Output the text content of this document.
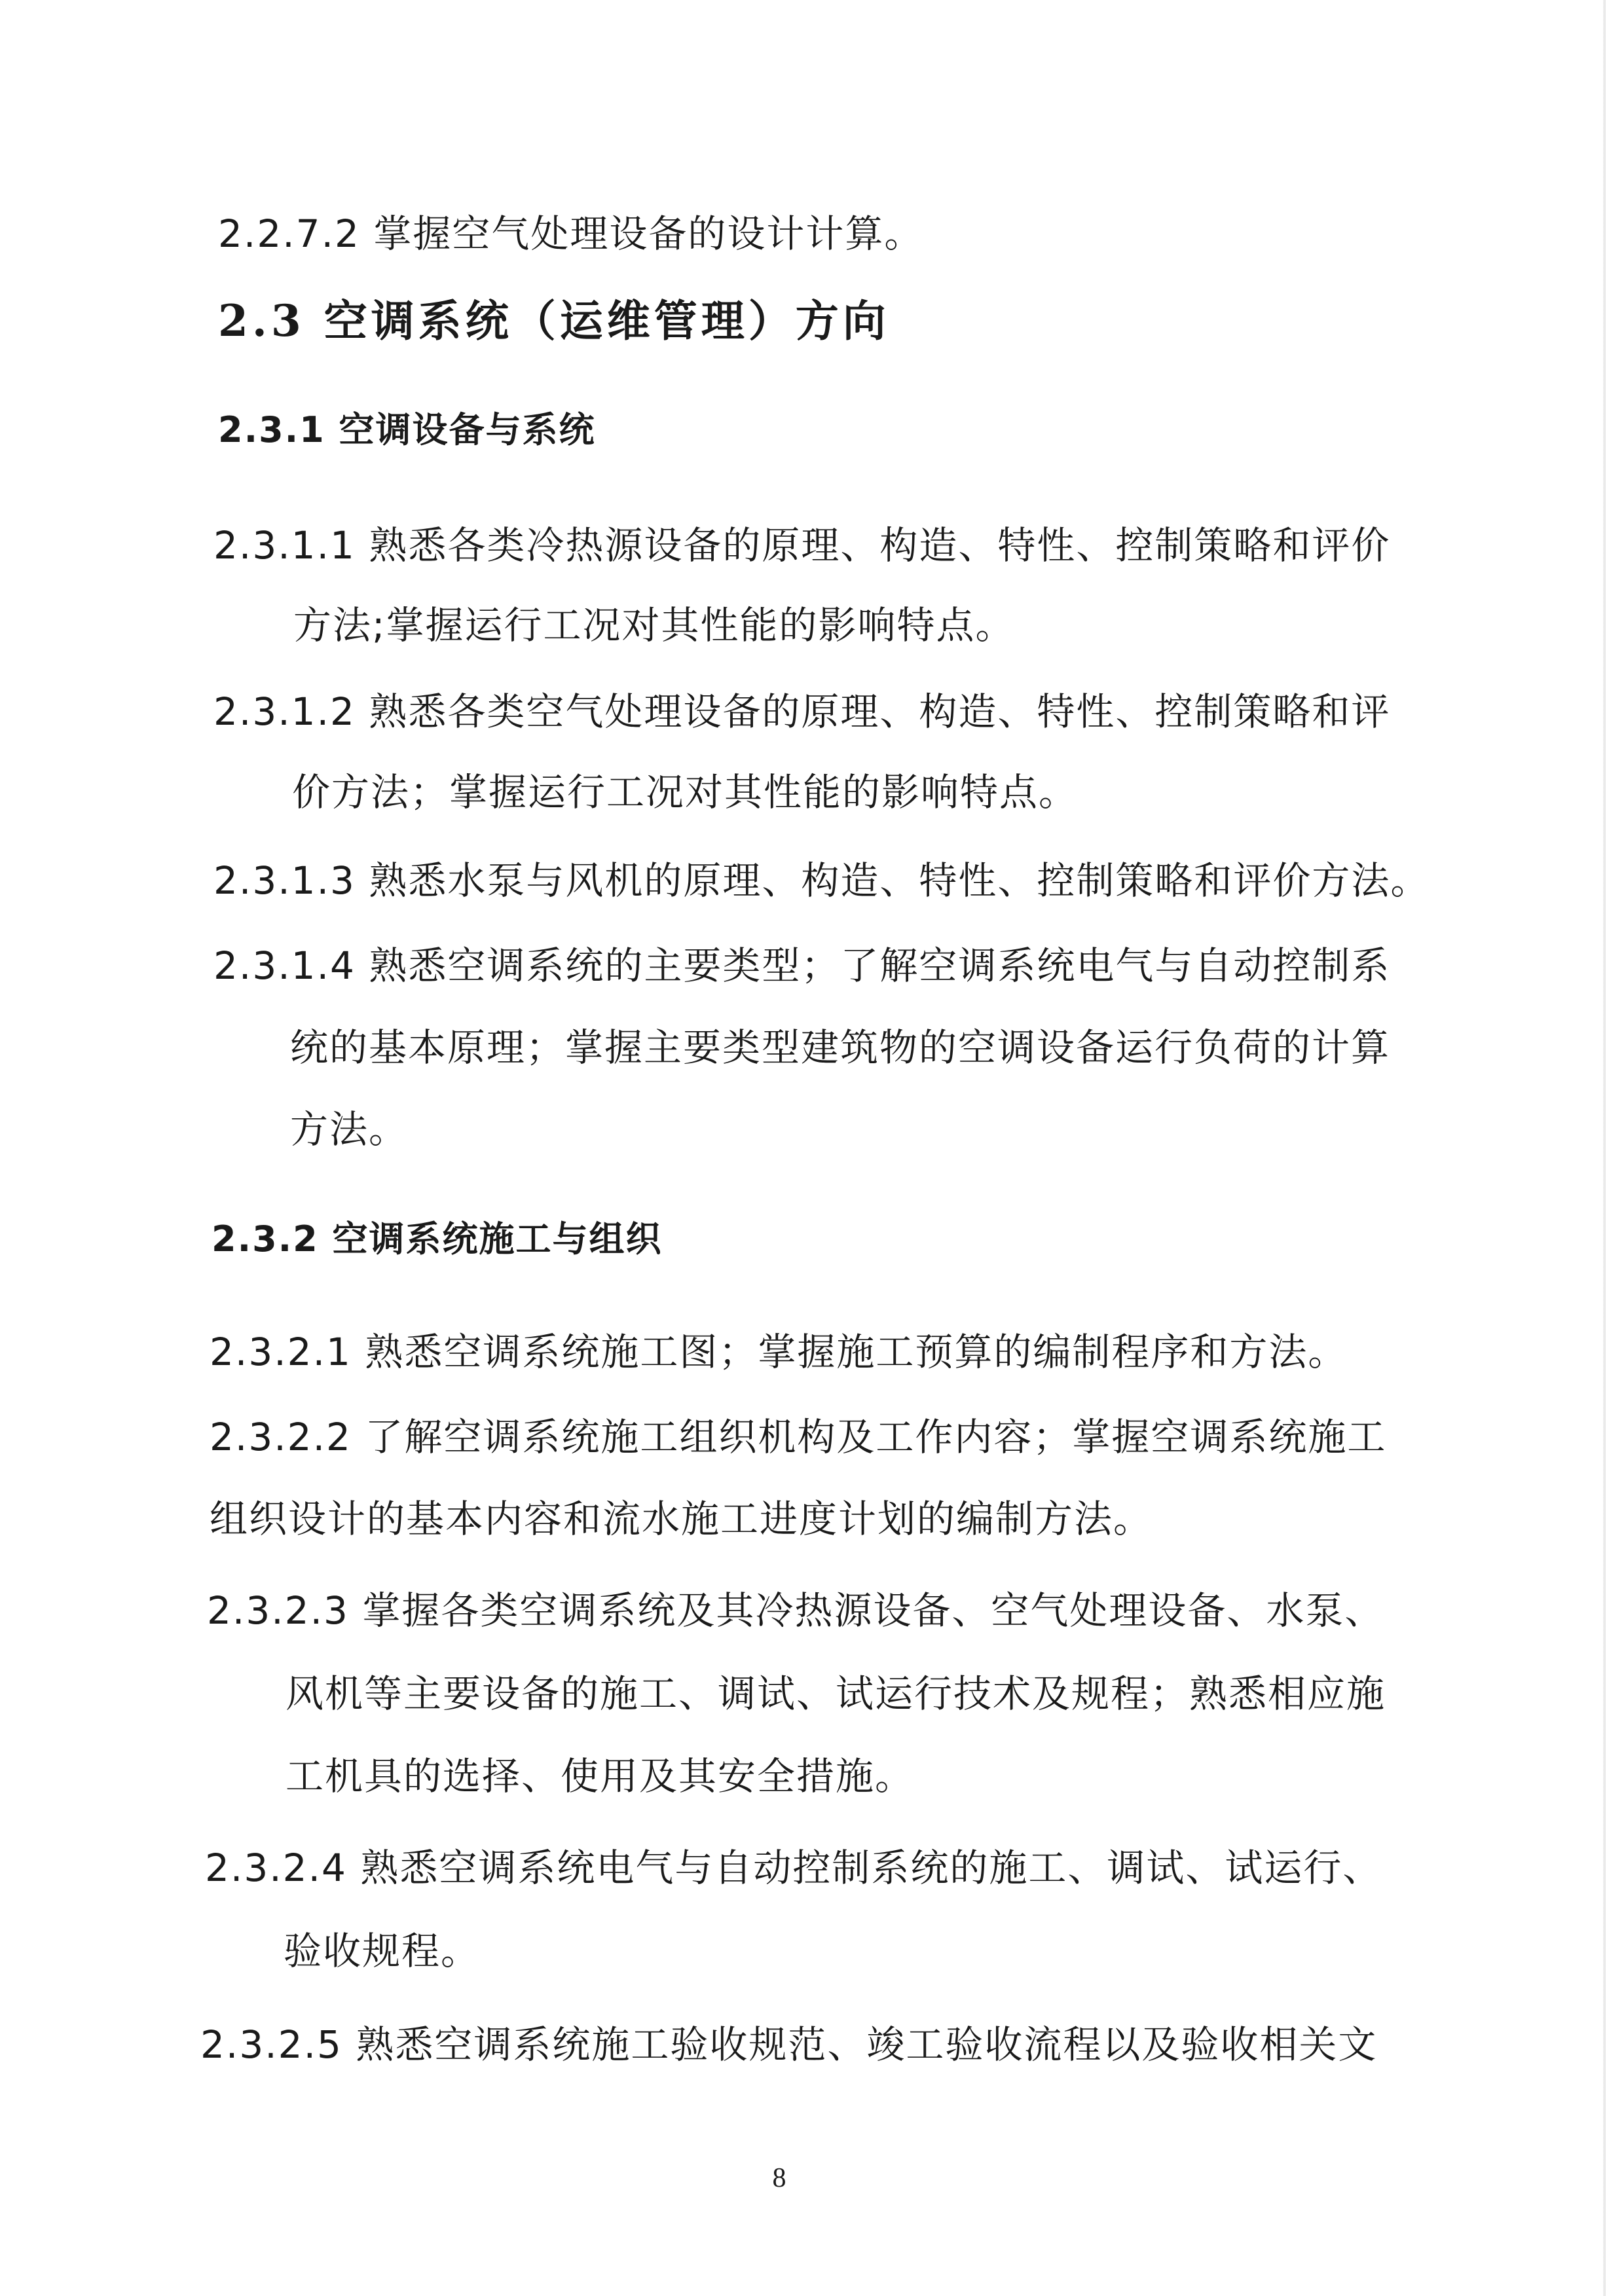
2.2.7.2 掌握空气处理设备的设计计算。
2.3 空调系统（运维管理）方向
2.3.1 空调设备与系统
2.3.1.1 熟悉各类冷热源设备的原理、构造、特性、控制策略和评价
方法;掌握运行工况对其性能的影响特点。
2.3.1.2 熟悉各类空气处理设备的原理、构造、特性、控制策略和评
价方法；掌握运行工况对其性能的影响特点。
2.3.1.3 熟悉水泵与风机的原理、构造、特性、控制策略和评价方法。
2.3.1.4 熟悉空调系统的主要类型；了解空调系统电气与自动控制系
统的基本原理；掌握主要类型建筑物的空调设备运行负荷的计算
方法。
2.3.2 空调系统施工与组织
2.3.2.1 熟悉空调系统施工图；掌握施工预算的编制程序和方法。
2.3.2.2 了解空调系统施工组织机构及工作内容；掌握空调系统施工
组织设计的基本内容和流水施工进度计划的编制方法。
2.3.2.3 掌握各类空调系统及其冷热源设备、空气处理设备、水泵、
风机等主要设备的施工、调试、试运行技术及规程；熟悉相应施
工机具的选择、使用及其安全措施。
2.3.2.4 熟悉空调系统电气与自动控制系统的施工、调试、试运行、
验收规程。
2.3.2.5 熟悉空调系统施工验收规范、竣工验收流程以及验收相关文
8
